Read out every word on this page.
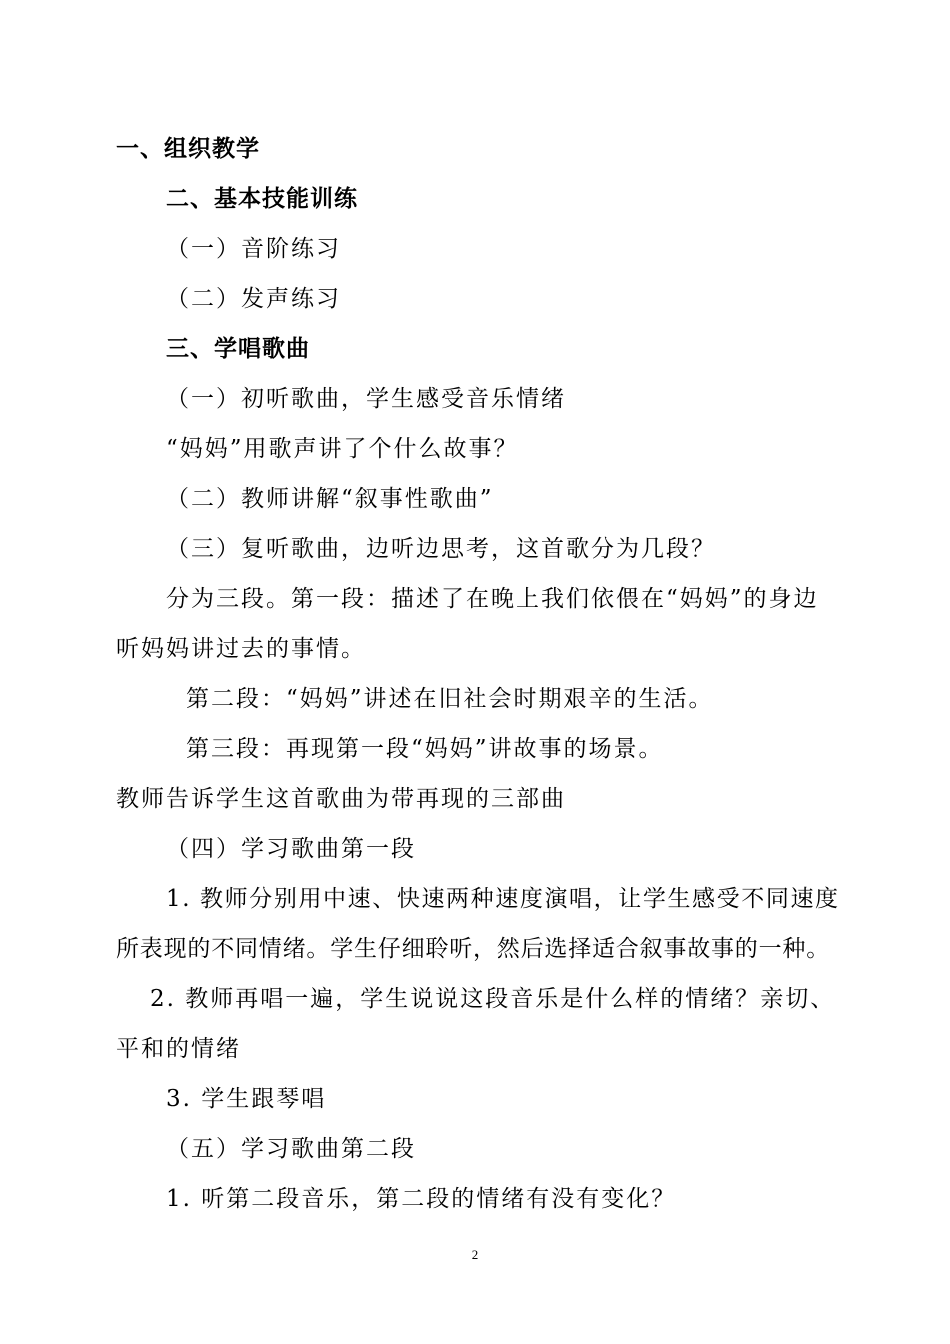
一、组织教学
二、基本技能训练
（一）音阶练习
（二）发声练习
三、学唱歌曲
（一）初听歌曲，学生感受音乐情绪
“妈妈”用歌声讲了个什么故事？
（二）教师讲解“叙事性歌曲”
（三）复听歌曲，边听边思考，这首歌分为几段？
分为三段。第一段：描述了在晚上我们依偎在“妈妈”的身边
听妈妈讲过去的事情。
第二段：“妈妈”讲述在旧社会时期艰辛的生活。
第三段：再现第一段“妈妈”讲故事的场景。
教师告诉学生这首歌曲为带再现的三部曲
（四）学习歌曲第一段
1. 教师分别用中速、快速两种速度演唱，让学生感受不同速度
所表现的不同情绪。学生仔细聆听，然后选择适合叙事故事的一种。
2. 教师再唱一遍，学生说说这段音乐是什么样的情绪？亲切、
平和的情绪
3. 学生跟琴唱
（五）学习歌曲第二段
1. 听第二段音乐，第二段的情绪有没有变化？
2
